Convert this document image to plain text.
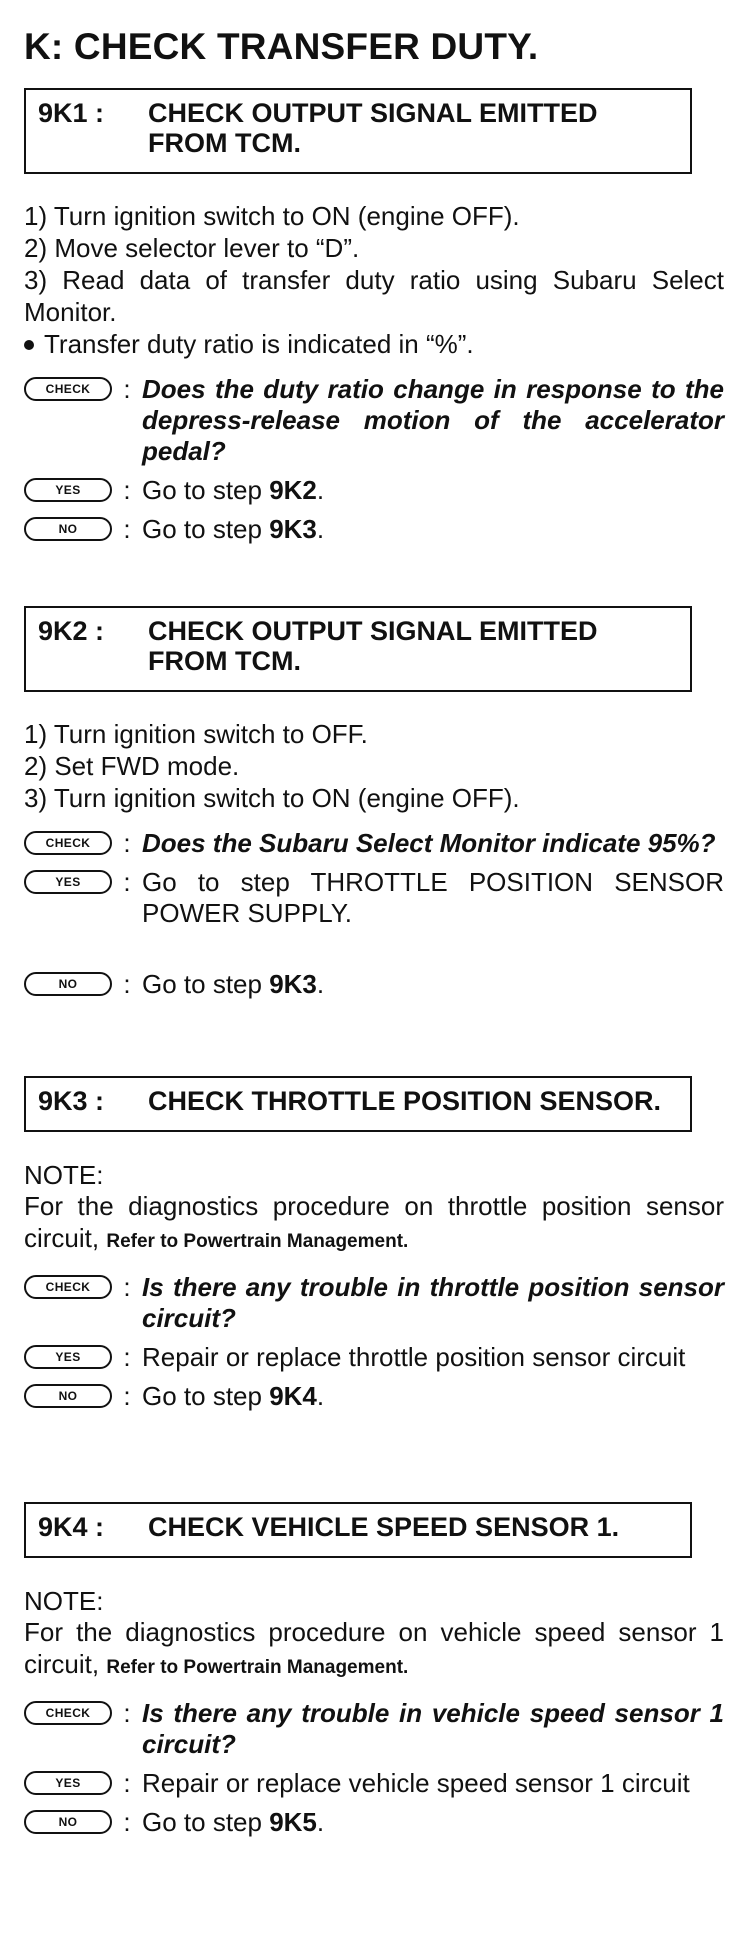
K: CHECK TRANSFER DUTY.
9K1 :	CHECK OUTPUT SIGNAL EMITTED FROM TCM.
1) Turn ignition switch to ON (engine OFF).
2) Move selector lever to “D”.
3) Read data of transfer duty ratio using Subaru Select Monitor.
Transfer duty ratio is indicated in “%”.
CHECK	: Does the duty ratio change in response to the depress-release motion of the accelerator pedal?
YES	: Go to step 9K2.
NO	: Go to step 9K3.
9K2 :	CHECK OUTPUT SIGNAL EMITTED FROM TCM.
1) Turn ignition switch to OFF.
2) Set FWD mode.
3) Turn ignition switch to ON (engine OFF).
CHECK	: Does the Subaru Select Monitor indicate 95%?
YES	: Go to step THROTTLE POSITION SENSOR POWER SUPPLY.
NO	: Go to step 9K3.
9K3 :	CHECK THROTTLE POSITION SENSOR.
NOTE:
For the diagnostics procedure on throttle position sensor circuit, Refer to Powertrain Management.
CHECK	: Is there any trouble in throttle position sensor circuit?
YES	: Repair or replace throttle position sensor circuit
NO	: Go to step 9K4.
9K4 :	CHECK VEHICLE SPEED SENSOR 1.
NOTE:
For the diagnostics procedure on vehicle speed sensor 1 circuit, Refer to Powertrain Management.
CHECK	: Is there any trouble in vehicle speed sensor 1 circuit?
YES	: Repair or replace vehicle speed sensor 1 circuit
NO	: Go to step 9K5.
